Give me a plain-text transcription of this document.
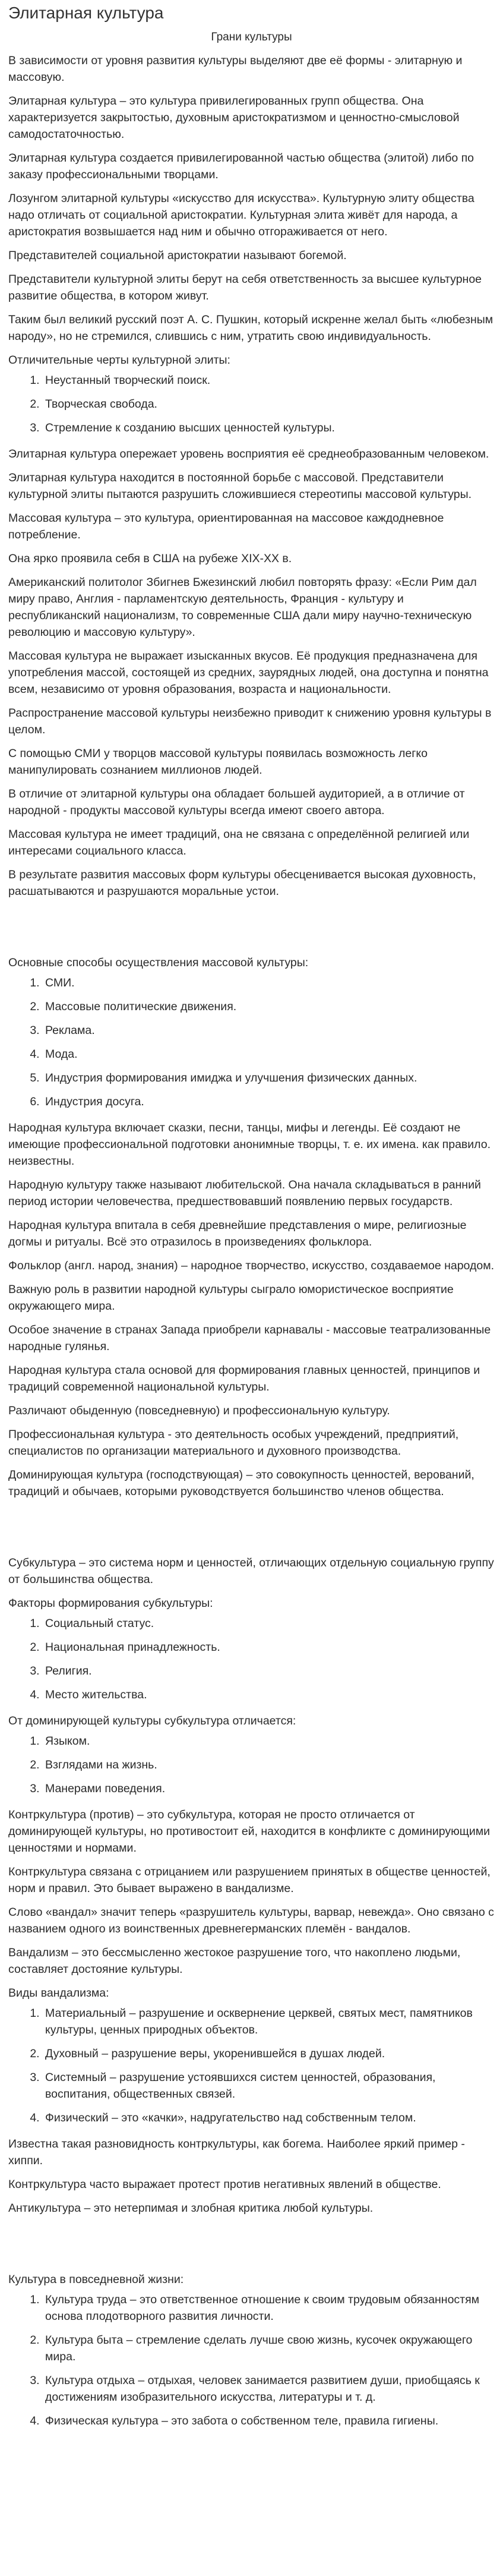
Элитарная культура
Грани культуры

В зависимости от уровня развития культуры выделяют две её формы - элитарную и массовую.

Элитарная культура – это культура привилегированных групп общества. Она характеризуется закрытостью, духовным аристократизмом и ценностно-смысловой самодостаточностью.

Элитарная культура создается привилегированной частью общества (элитой) либо по заказу профессиональными творцами.

Лозунгом элитарной культуры «искусство для искусства». Культурную элиту общества надо отличать от социальной аристократии. Культурная элита живёт для народа, а аристократия возвышается над ним и обычно отгораживается от него.

Представителей социальной аристократии называют богемой.

Представители культурной элиты берут на себя ответственность за высшее культурное развитие общества, в котором живут.

Таким был великий русский поэт А. С. Пушкин, который искренне желал быть «любезным народу», но не стремился, слившись с ним, утратить свою индивидуальность.

Отличительные черты культурной элиты:

1. Неустанный творческий поиск.
2. Творческая свобода.
3. Стремление к созданию высших ценностей культуры.

Элитарная культура опережает уровень восприятия её среднеобразованным человеком.

Элитарная культура находится в постоянной борьбе с массовой. Представители культурной элиты пытаются разрушить сложившиеся стереотипы массовой культуры.

Массовая культура – это культура, ориентированная на массовое каждодневное потребление.

Она ярко проявила себя в США на рубеже XIX-XX в.

Американский политолог Збигнев Бжезинский любил повторять фразу: «Если Рим дал миру право, Англия - парламентскую деятельность, Франция - культуру и республиканский национализм, то современные США дали миру научно-техническую революцию и массовую культуру».

Массовая культура не выражает изысканных вкусов. Её продукция предназначена для употребления массой, состоящей из средних, заурядных людей, она доступна и понятна всем, независимо от уровня образования, возраста и национальности.

Распространение массовой культуры неизбежно приводит к снижению уровня культуры в целом.

С помощью СМИ у творцов массовой культуры появилась возможность легко манипулировать сознанием миллионов людей.

В отличие от элитарной культуры она обладает большей аудиторией, а в отличие от народной - продукты массовой культуры всегда имеют своего автора.

Массовая культура не имеет традиций, она не связана с определённой религией или интересами социального класса.

В результате развития массовых форм культуры обесценивается высокая духовность, расшатываются и разрушаются моральные устои.

Основные способы осуществления массовой культуры:

1. СМИ.
2. Массовые политические движения.
3. Реклама.
4. Мода.
5. Индустрия формирования имиджа и улучшения физических данных.
6. Индустрия досуга.

Народная культура включает сказки, песни, танцы, мифы и легенды. Её создают не имеющие профессиональной подготовки анонимные творцы, т. е. их имена. как правило. неизвестны.

Народную культуру также называют любительской. Она начала складываться в ранний период истории человечества, предшествовавший появлению первых государств.

Народная культура впитала в себя древнейшие представления о мире, религиозные догмы и ритуалы. Всё это отразилось в произведениях фольклора.

Фольклор (англ. народ, знания) – народное творчество, искусство, создаваемое народом.

Важную роль в развитии народной культуры сыграло юмористическое восприятие окружающего мира.

Особое значение в странах Запада приобрели карнавалы - массовые театрализованные народные гулянья.

Народная культура стала основой для формирования главных ценностей, принципов и традиций современной национальной культуры.

Различают обыденную (повседневную) и профессиональную культуру.

Профессиональная культура - это деятельность особых учреждений, предприятий, специалистов по организации материального и духовного производства.

Доминирующая культура (господствующая) – это совокупность ценностей, верований, традиций и обычаев, которыми руководствуется большинство членов общества.

Субкультура – это система норм и ценностей, отличающих отдельную социальную группу от большинства общества.

Факторы формирования субкультуры:

1. Социальный статус.
2. Национальная принадлежность.
3. Религия.
4. Место жительства.

От доминирующей культуры субкультура отличается:

1. Языком.
2. Взглядами на жизнь.
3. Манерами поведения.

Контркультура (против) – это субкультура, которая не просто отличается от доминирующей культуры, но противостоит ей, находится в конфликте с доминирующими ценностями и нормами.

Контркультура связана с отрицанием или разрушением принятых в обществе ценностей, норм и правил. Это бывает выражено в вандализме.

Слово «вандал» значит теперь «разрушитель культуры, варвар, невежда». Оно связано с названием одного из воинственных древнегерманских племён - вандалов.

Вандализм – это бессмысленно жестокое разрушение того, что накоплено людьми, составляет достояние культуры.

Виды вандализма:

1. Материальный – разрушение и осквернение церквей, святых мест, памятников культуры, ценных природных объектов.
2. Духовный – разрушение веры, укоренившейся в душах людей.
3. Системный – разрушение устоявшихся систем ценностей, образования, воспитания, общественных связей.
4. Физический – это «качки», надругательство над собственным телом.

Известна такая разновидность контркультуры, как богема. Наиболее яркий пример - хиппи.

Контркультура часто выражает протест против негативных явлений в обществе.

Антикультура – это нетерпимая и злобная критика любой культуры.

Культура в повседневной жизни:

1. Культура труда – это ответственное отношение к своим трудовым обязанностям основа плодотворного развития личности.
2. Культура быта – стремление сделать лучше свою жизнь, кусочек окружающего мира.
3. Культура отдыха – отдыхая, человек занимается развитием души, приобщаясь к достижениям изобразительного искусства, литературы и т. д.
4. Физическая культура – это забота о собственном теле, правила гигиены.
